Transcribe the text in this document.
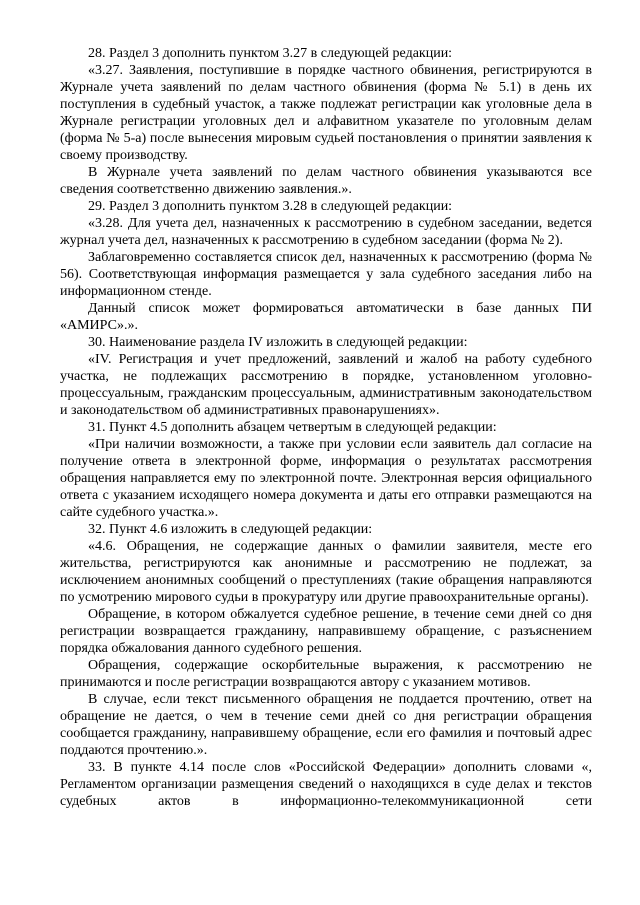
28. Раздел 3 дополнить пунктом 3.27 в следующей редакции:

«3.27. Заявления, поступившие в порядке частного обвинения, регистрируются в Журнале учета заявлений по делам частного обвинения (форма № 5.1) в день их поступления в судебный участок, а также подлежат регистрации как уголовные дела в Журнале регистрации уголовных дел и алфавитном указателе по уголовным делам (форма № 5-а) после вынесения мировым судьей постановления о принятии заявления к своему производству.

В Журнале учета заявлений по делам частного обвинения указываются все сведения соответственно движению заявления.».

29. Раздел 3 дополнить пунктом 3.28 в следующей редакции:

«3.28. Для учета дел, назначенных к рассмотрению в судебном заседании, ведется журнал учета дел, назначенных к рассмотрению в судебном заседании (форма № 2).

Заблаговременно составляется список дел, назначенных к рассмотрению (форма № 56). Соответствующая информация размещается у зала судебного заседания либо на информационном стенде.

Данный список может формироваться автоматически в базе данных ПИ «АМИРС».».

30. Наименование раздела IV изложить в следующей редакции:

«IV. Регистрация и учет предложений, заявлений и жалоб на работу судебного участка, не подлежащих рассмотрению в порядке, установленном уголовно-процессуальным, гражданским процессуальным, административным законодательством и законодательством об административных правонарушениях».

31. Пункт 4.5 дополнить абзацем четвертым в следующей редакции:

«При наличии возможности, а также при условии если заявитель дал согласие на получение ответа в электронной форме, информация о результатах рассмотрения обращения направляется ему по электронной почте. Электронная версия официального ответа с указанием исходящего номера документа и даты его отправки размещаются на сайте судебного участка.».

32. Пункт 4.6 изложить в следующей редакции:

«4.6. Обращения, не содержащие данных о фамилии заявителя, месте его жительства, регистрируются как анонимные и рассмотрению не подлежат, за исключением анонимных сообщений о преступлениях (такие обращения направляются по усмотрению мирового судьи в прокуратуру или другие правоохранительные органы).

Обращение, в котором обжалуется судебное решение, в течение семи дней со дня регистрации возвращается гражданину, направившему обращение, с разъяснением порядка обжалования данного судебного решения.

Обращения, содержащие оскорбительные выражения, к рассмотрению не принимаются и после регистрации возвращаются автору с указанием мотивов.

В случае, если текст письменного обращения не поддается прочтению, ответ на обращение не дается, о чем в течение семи дней со дня регистрации обращения сообщается гражданину, направившему обращение, если его фамилия и почтовый адрес поддаются прочтению.».

33. В пункте 4.14 после слов «Российской Федерации» дополнить словами «, Регламентом организации размещения сведений о находящихся в суде делах и текстов судебных актов в информационно-телекоммуникационной сети
